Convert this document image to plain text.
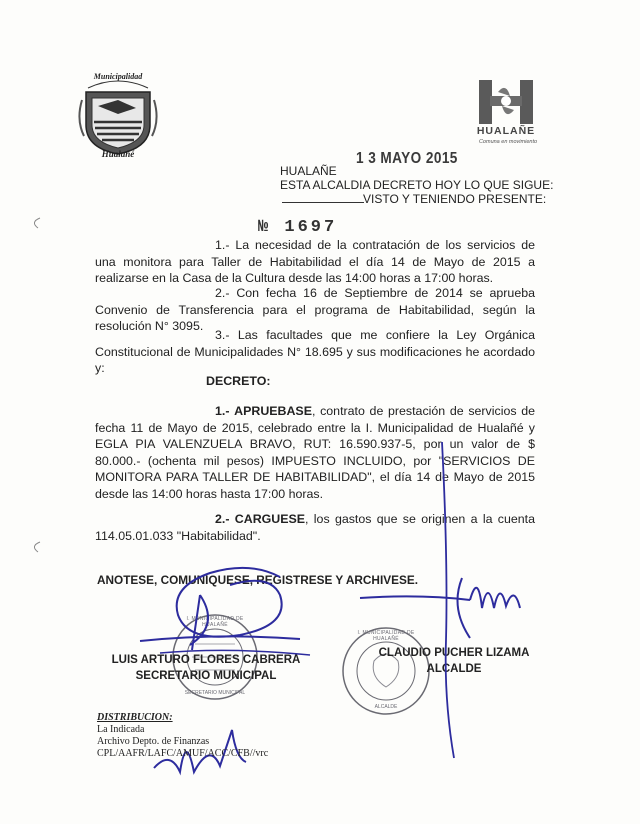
Municipalidad
Hualañé
HUALAÑE
Comuna en movimiento
HUALAÑE
1 3 MAYO 2015
ESTA ALCALDIA DECRETO HOY LO QUE SIGUE:
VISTO Y TENIENDO PRESENTE:
№ 1697

1.- La necesidad de la contratación de los servicios de una monitora para Taller de Habitabilidad el día 14 de Mayo de 2015 a realizarse en la Casa de la Cultura desde las 14:00 horas a 17:00 horas.

2.- Con fecha 16 de Septiembre de 2014 se aprueba Convenio de Transferencia para el programa de Habitabilidad, según la resolución N° 3095.

3.- Las facultades que me confiere la Ley Orgánica Constitucional de Municipalidades N° 18.695 y sus modificaciones he acordado y:

DECRETO:

1.- APRUEBASE, contrato de prestación de servicios de fecha 11 de Mayo de 2015, celebrado entre la I. Municipalidad de Hualañé y EGLA PIA VALENZUELA BRAVO, RUT: 16.590.937-5, por un valor de $ 80.000.- (ochenta mil pesos) IMPUESTO INCLUIDO, por "SERVICIOS DE MONITORA PARA TALLER DE HABITABILIDAD", el día 14 de Mayo de 2015 desde las 14:00 horas hasta 17:00 horas.

2.- CARGUESE, los gastos que se originen a la cuenta 114.05.01.033 "Habitabilidad".

ANOTESE, COMUNIQUESE, REGISTRESE Y ARCHIVESE.
I. MUNICIPALIDAD DE HUALAÑÉ
SECRETARIO MUNICIPAL
I. MUNICIPALIDAD DE HUALAÑÉ
ALCALDE
LUIS ARTURO FLORES CABRERA
SECRETARIO MUNICIPAL
CLAUDIO PUCHER LIZAMA
ALCALDE
DISTRIBUCION:
La Indicada
Archivo Depto. de Finanzas
CPL/AAFR/LAFC/AMUF/ACC/CFB//vrc
